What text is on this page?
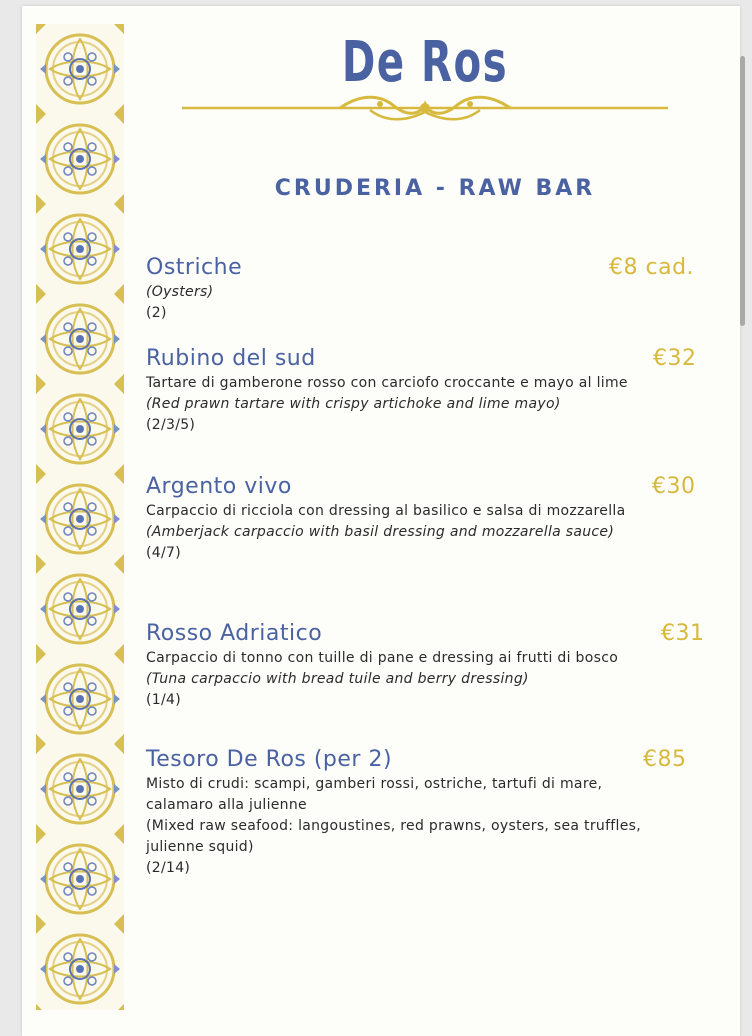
De Ros
CRUDERIA - RAW BAR
Ostriche	€8 cad.
(Oysters)
(2)
Rubino del sud	€32
Tartare di gamberone rosso con carciofo croccante e mayo al lime
(Red prawn tartare with crispy artichoke and lime mayo)
(2/3/5)
Argento vivo	€30
Carpaccio di ricciola con dressing al basilico e salsa di mozzarella
(Amberjack carpaccio with basil dressing and mozzarella sauce)
(4/7)
Rosso Adriatico	€31
Carpaccio di tonno con tuille di pane e dressing ai frutti di bosco
(Tuna carpaccio with bread tuile and berry dressing)
(1/4)
Tesoro De Ros (per 2)	€85
Misto di crudi: scampi, gamberi rossi, ostriche, tartufi di mare,
calamaro alla julienne
(Mixed raw seafood: langoustines, red prawns, oysters, sea truffles,
julienne squid)
(2/14)
